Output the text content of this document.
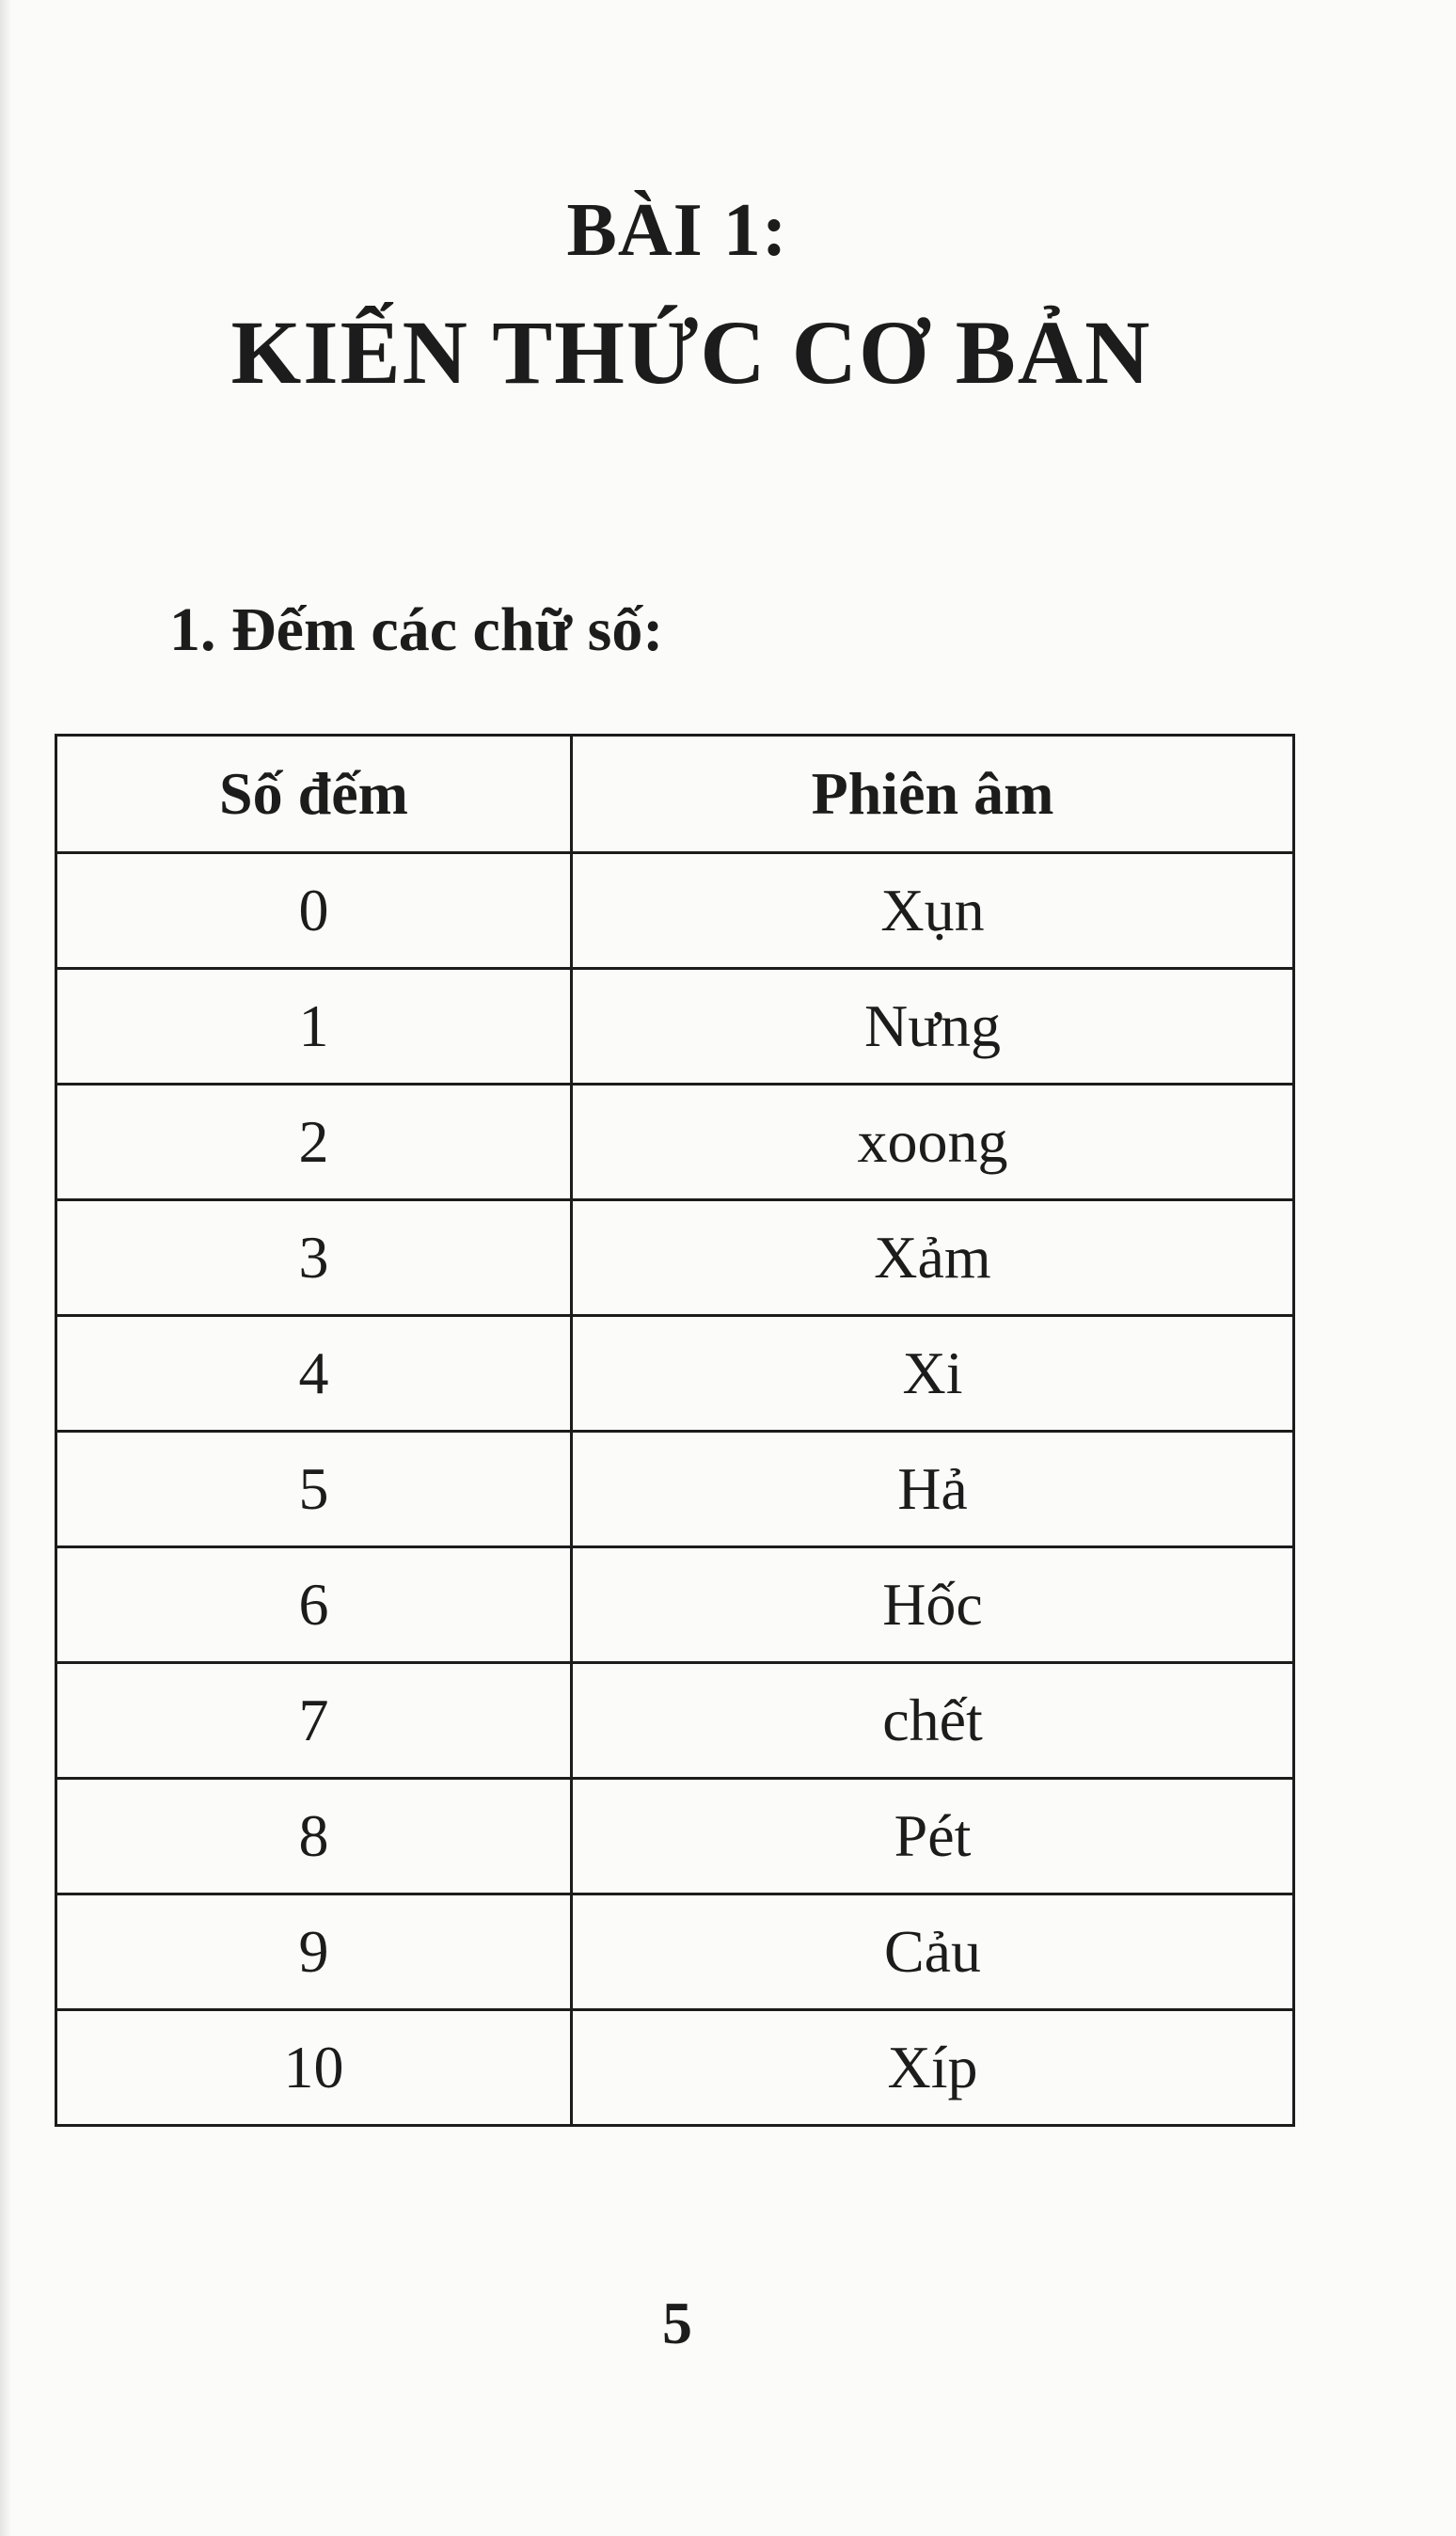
BÀI 1:
KIẾN THỨC CƠ BẢN
1. Đếm các chữ số:
Số đếm	Phiên âm
0	Xụn
1	Nưng
2	xoong
3	Xảm
4	Xi
5	Hả
6	Hốc
7	chết
8	Pét
9	Cảu
10	Xíp
5
